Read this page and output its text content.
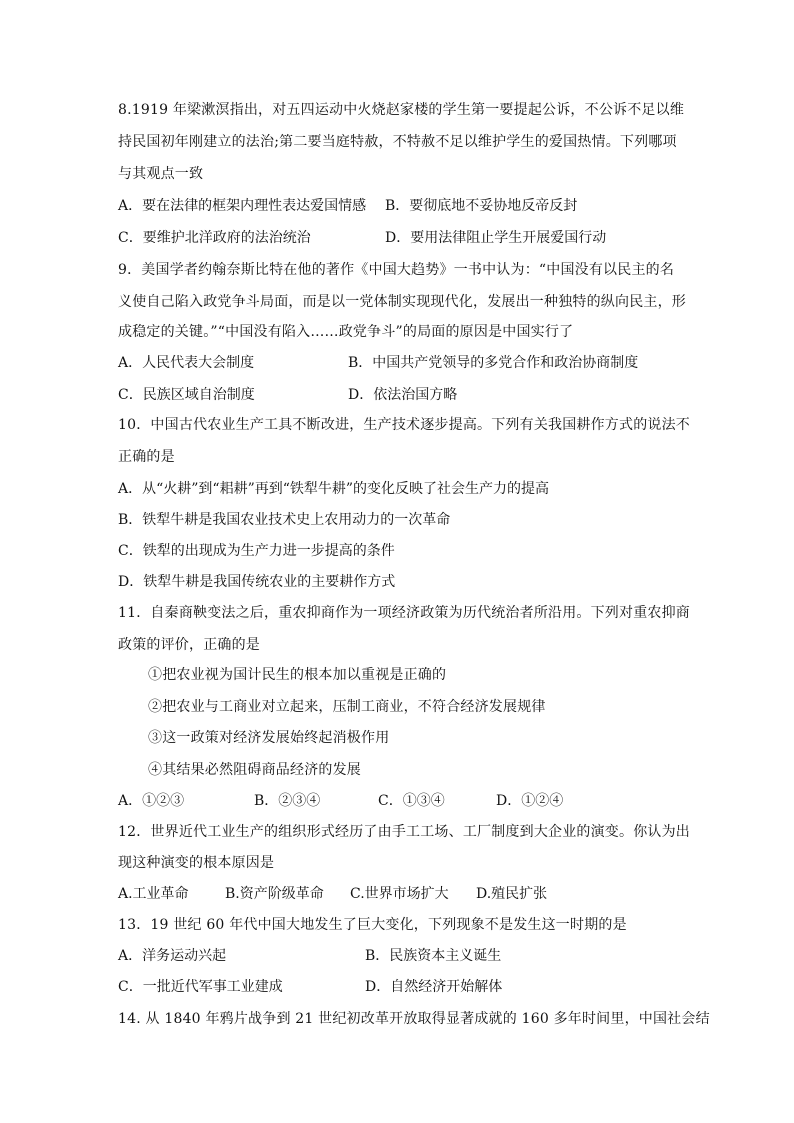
8.1919 年梁漱溟指出，对五四运动中火烧赵家楼的学生第一要提起公诉，不公诉不足以维
持民国初年刚建立的法治;第二要当庭特赦，不特赦不足以维护学生的爱国热情。下列哪项
与其观点一致
A．要在法律的框架内理性表达爱国情感 B．要彻底地不妥协地反帝反封
C．要维护北洋政府的法治统治	D．要用法律阻止学生开展爱国行动
9．美国学者约翰奈斯比特在他的著作《中国大趋势》一书中认为：“中国没有以民主的名
义使自己陷入政党争斗局面，而是以一党体制实现现代化，发展出一种独特的纵向民主，形
成稳定的关键。”“中国没有陷入……政党争斗”的局面的原因是中国实行了
A．人民代表大会制度	B．中国共产党领导的多党合作和政治协商制度
C．民族区域自治制度	D．依法治国方略
10．中国古代农业生产工具不断改进，生产技术逐步提高。下列有关我国耕作方式的说法不
正确的是
A．从“火耕”到“耜耕”再到“铁犁牛耕”的变化反映了社会生产力的提高
B．铁犁牛耕是我国农业技术史上农用动力的一次革命
C．铁犁的出现成为生产力进一步提高的条件
D．铁犁牛耕是我国传统农业的主要耕作方式
11．自秦商鞅变法之后，重农抑商作为一项经济政策为历代统治者所沿用。下列对重农抑商
政策的评价，正确的是
①把农业视为国计民生的根本加以重视是正确的
②把农业与工商业对立起来，压制工商业，不符合经济发展规律
③这一政策对经济发展始终起消极作用
④其结果必然阻碍商品经济的发展
A．①②③	B．②③④	C．①③④	D．①②④
12．世界近代工业生产的组织形式经历了由手工工场、工厂制度到大企业的演变。你认为出
现这种演变的根本原因是
A.工业革命	B.资产阶级革命 C.世界市场扩大 D.殖民扩张
13．19 世纪 60 年代中国大地发生了巨大变化，下列现象不是发生这一时期的是
A．洋务运动兴起	B．民族资本主义诞生
C．一批近代军事工业建成	D．自然经济开始解体
14. 从 1840 年鸦片战争到 21 世纪初改革开放取得显著成就的 160 多年时间里，中国社会结
